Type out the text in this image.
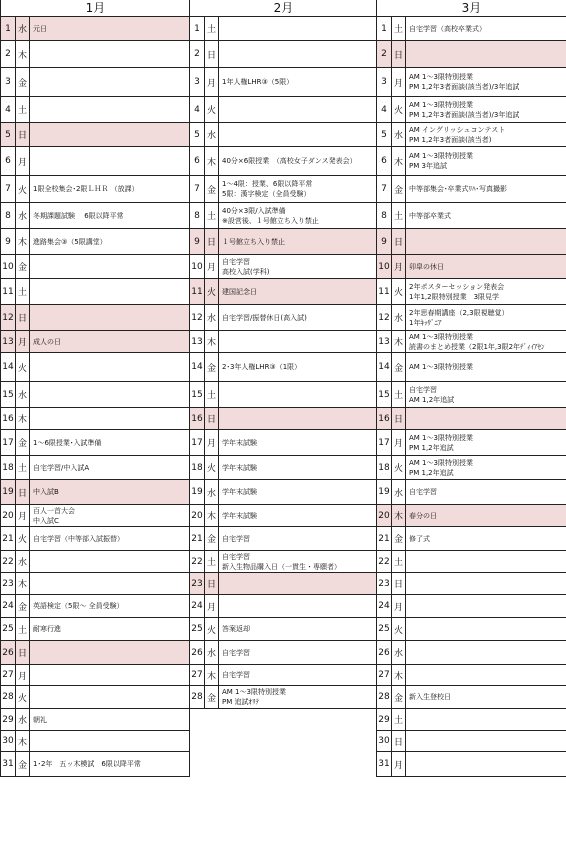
1月
1 水 元日
2 木
3 金
4 土
5 日
6 月
7 火 1限全校集会･2限ＬＨＲ （放課）
8 水 冬期課題試験　 6限以降平常
9 木 進路集会③（5限講堂）
10 金
11 土
12 日
13 月 成人の日
14 火
15 水
16 木
17 金 1～6限授業･入試準備
18 土 自宅学習/中入試A
19 日 中入試B
20 月
百人一首大会
中入試C
21 火 自宅学習（中等部入試振替）
22 水
23 木
24 金 英語検定（5限～ 全員受験）
25 土 耐寒行進
26 日
27 月
28 火
29 水 朝礼
30 木
31 金 1･2年　五ッ木模試　6限以降平常
2月
1 土
2 日
3 月 1年人権LHR③（5限）
4 火
5 水
6 木 40分×6限授業　（高校女子ダンス発表会）
7 金
1～4限：授業、6限以降平常
5限：漢字検定（全員受験）
8 土
40分×3限/入試準備
※設営後、１号館立ち入り禁止
9 日 １号館立ち入り禁止
10 月
自宅学習
高校入試(学科)
11 火 建国記念日
12 水 自宅学習/振替休日(高入試)
13 木
14 金 2･3年人権LHR③（1限）
15 土
16 日
17 月 学年末試験
18 火 学年末試験
19 水 学年末試験
20 木 学年末試験
21 金 自宅学習
22 土
自宅学習
新入生物品購入日（一貫生・専願者）
23 日
24 月
25 火 答案返却
26 水 自宅学習
27 木 自宅学習
28 金
AM 1～3限特別授業
PM 追試ｵﾘﾃ
3月
1 土 自宅学習（高校卒業式）
2 日
3 月
AM 1～3限特別授業
PM 1,2年3者面談(該当者)/3年追試
4 火
AM 1～3限特別授業
PM 1,2年3者面談(該当者)/3年追試
5 水
AM イングリッシュコンテスト
PM 1,2年3者面談(該当者)
6 木
AM 1～3限特別授業
PM 3年追試
7 金 中等部集会･卒業式ﾘﾊ･写真撮影
8 土 中等部卒業式
9 日
10 月 卯皐の休日
11 火
2年ポスターセッション発表会
1年1,2限特別授業　3限見学
12 水
2年思春期講座（2,3限視聴覚）
1年ｷｯｻﾞﾆｱ
13 木
AM 1～3限特別授業
読書のまとめ授業（2限1年,3限2年ﾃﾞｨｲｱｾﾝ
14 金 AM 1～3限特別授業
15 土
自宅学習
AM 1,2年追試
16 日
17 月
AM 1～3限特別授業
PM 1,2年追試
18 火
AM 1～3限特別授業
PM 1,2年追試
19 水 自宅学習
20 木 春分の日
21 金 修了式
22 土
23 日
24 月
25 火
26 水
27 木
28 金 新入生登校日
29 土
30 日
31 月
